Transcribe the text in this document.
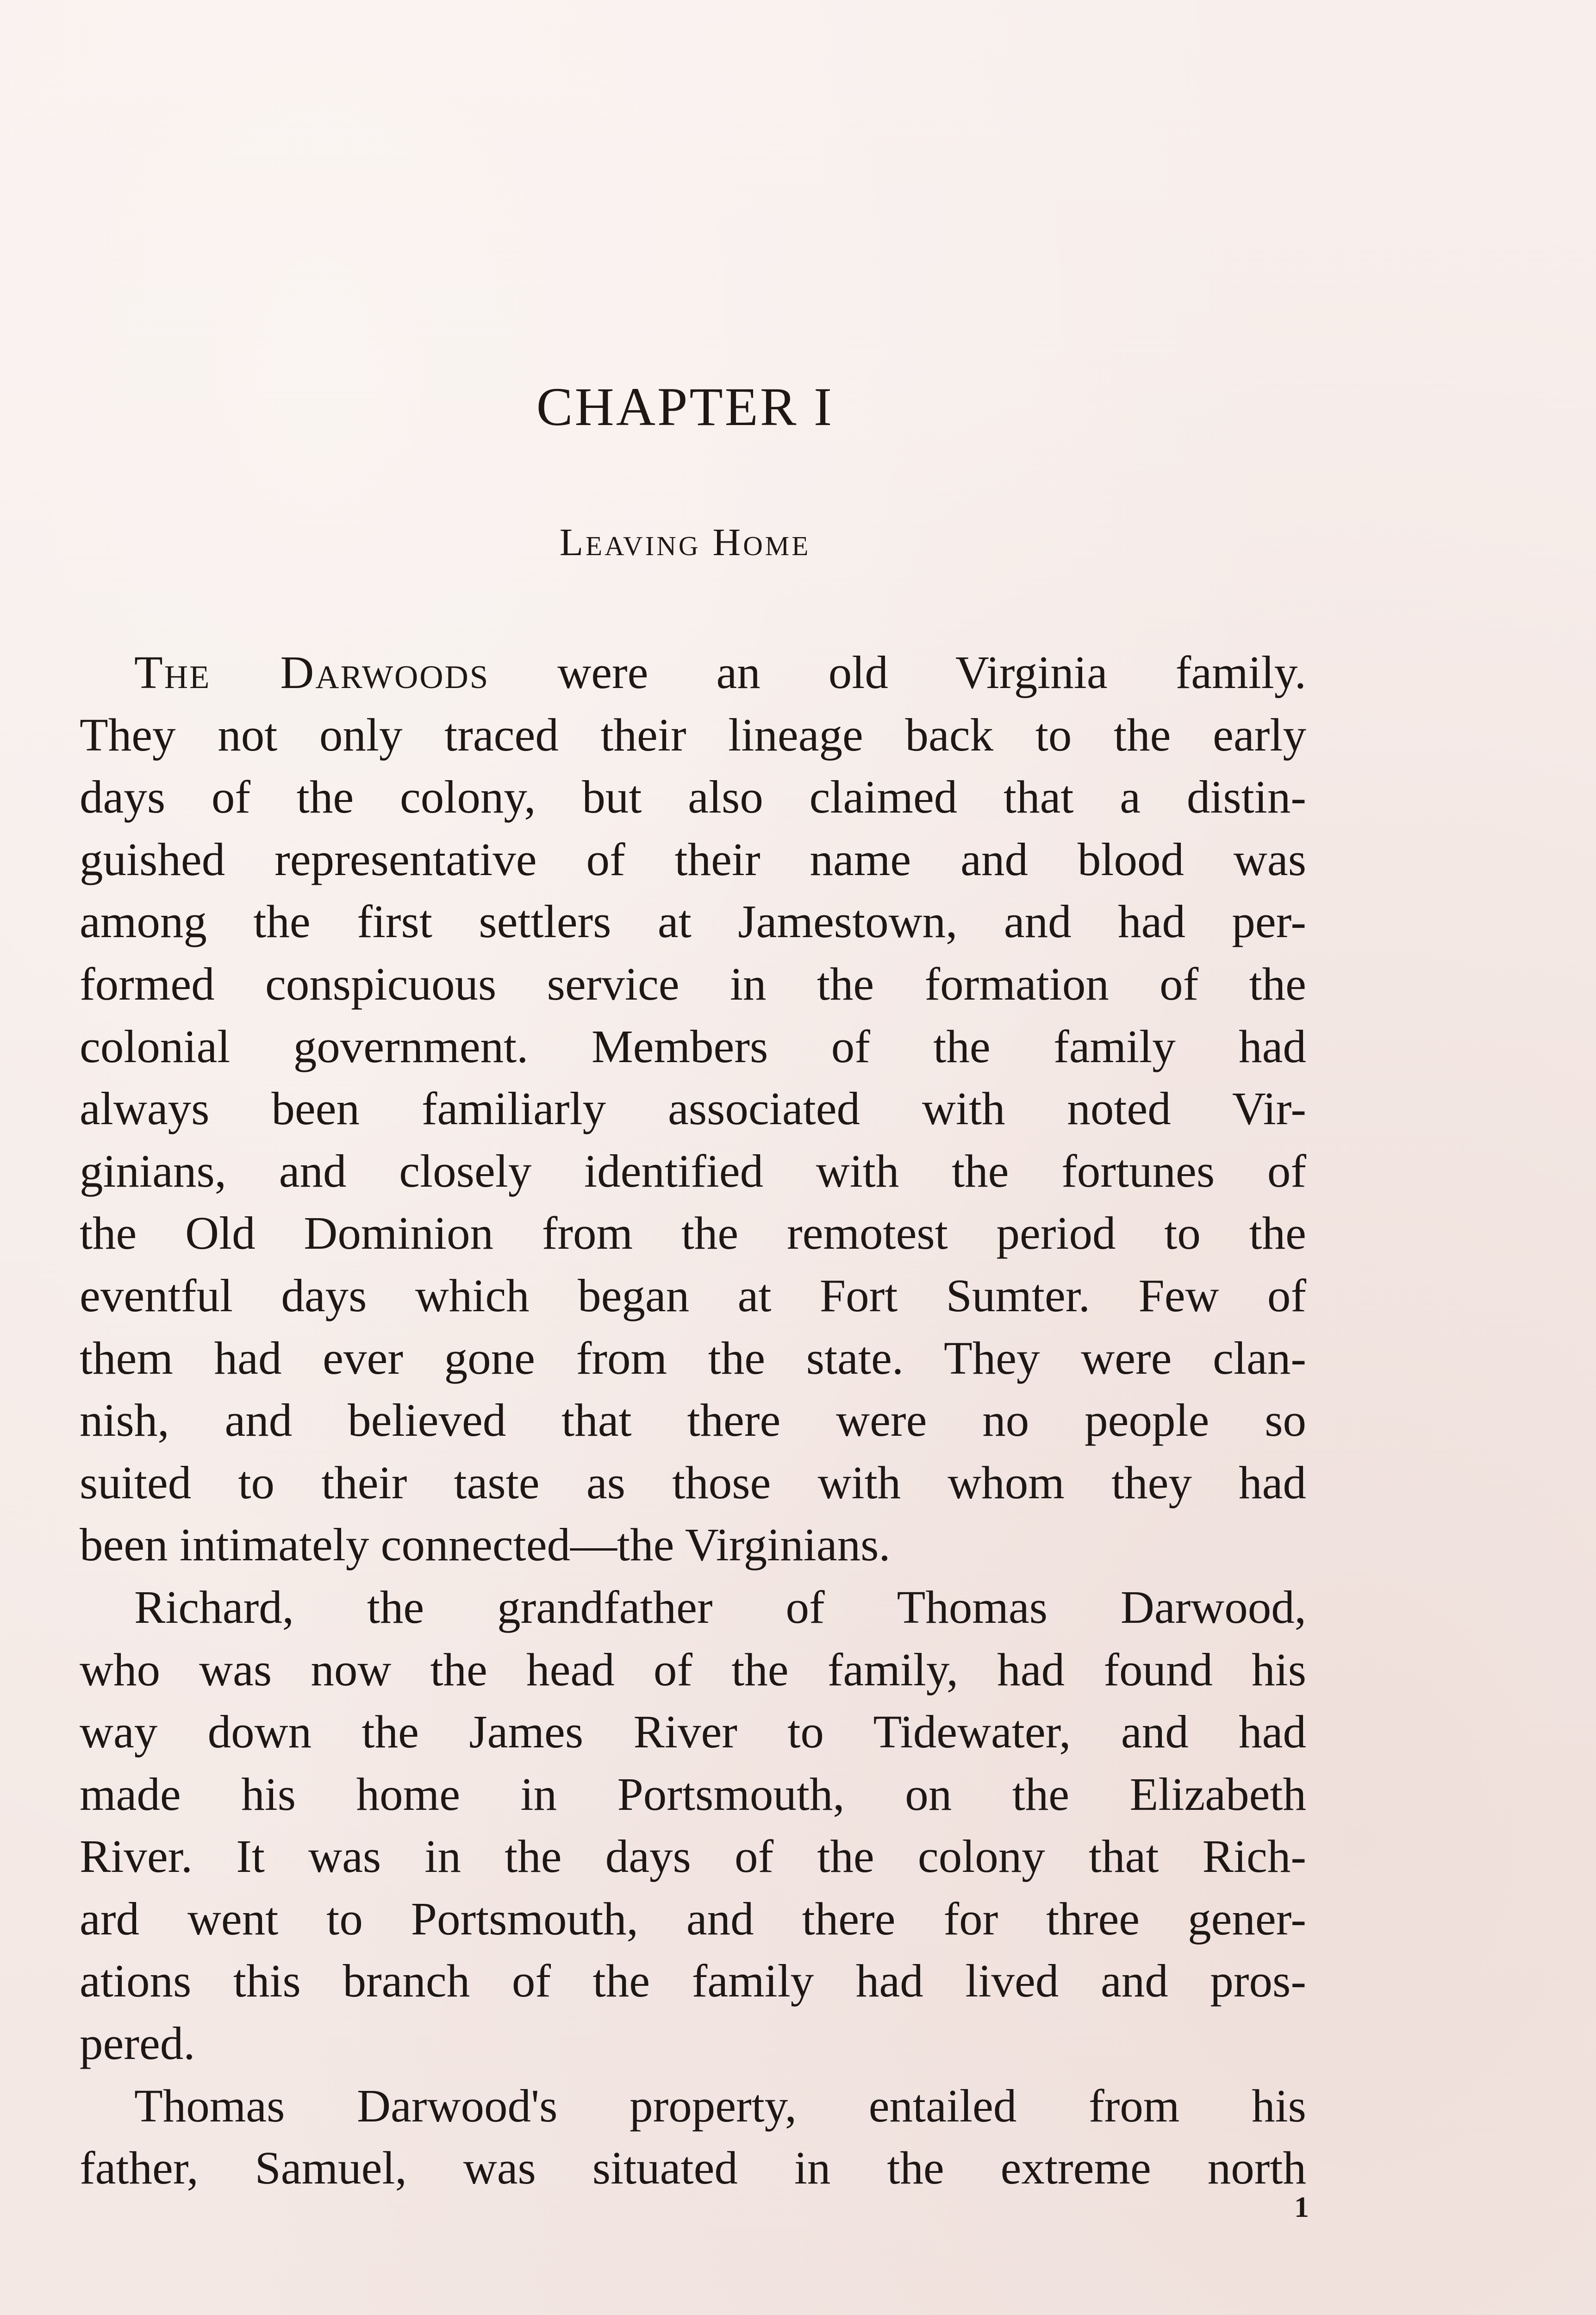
CHAPTER I
Leaving Home
The Darwoods were an old Virginia family.
They not only traced their lineage back to the early
days of the colony, but also claimed that a distin-
guished representative of their name and blood was
among the first settlers at Jamestown, and had per-
formed conspicuous service in the formation of the
colonial government. Members of the family had
always been familiarly associated with noted Vir-
ginians, and closely identified with the fortunes of
the Old Dominion from the remotest period to the
eventful days which began at Fort Sumter. Few of
them had ever gone from the state. They were clan-
nish, and believed that there were no people so
suited to their taste as those with whom they had
been intimately connected—the Virginians.
Richard, the grandfather of Thomas Darwood,
who was now the head of the family, had found his
way down the James River to Tidewater, and had
made his home in Portsmouth, on the Elizabeth
River. It was in the days of the colony that Rich-
ard went to Portsmouth, and there for three gener-
ations this branch of the family had lived and pros-
pered.
Thomas Darwood's property, entailed from his
father, Samuel, was situated in the extreme north
1
